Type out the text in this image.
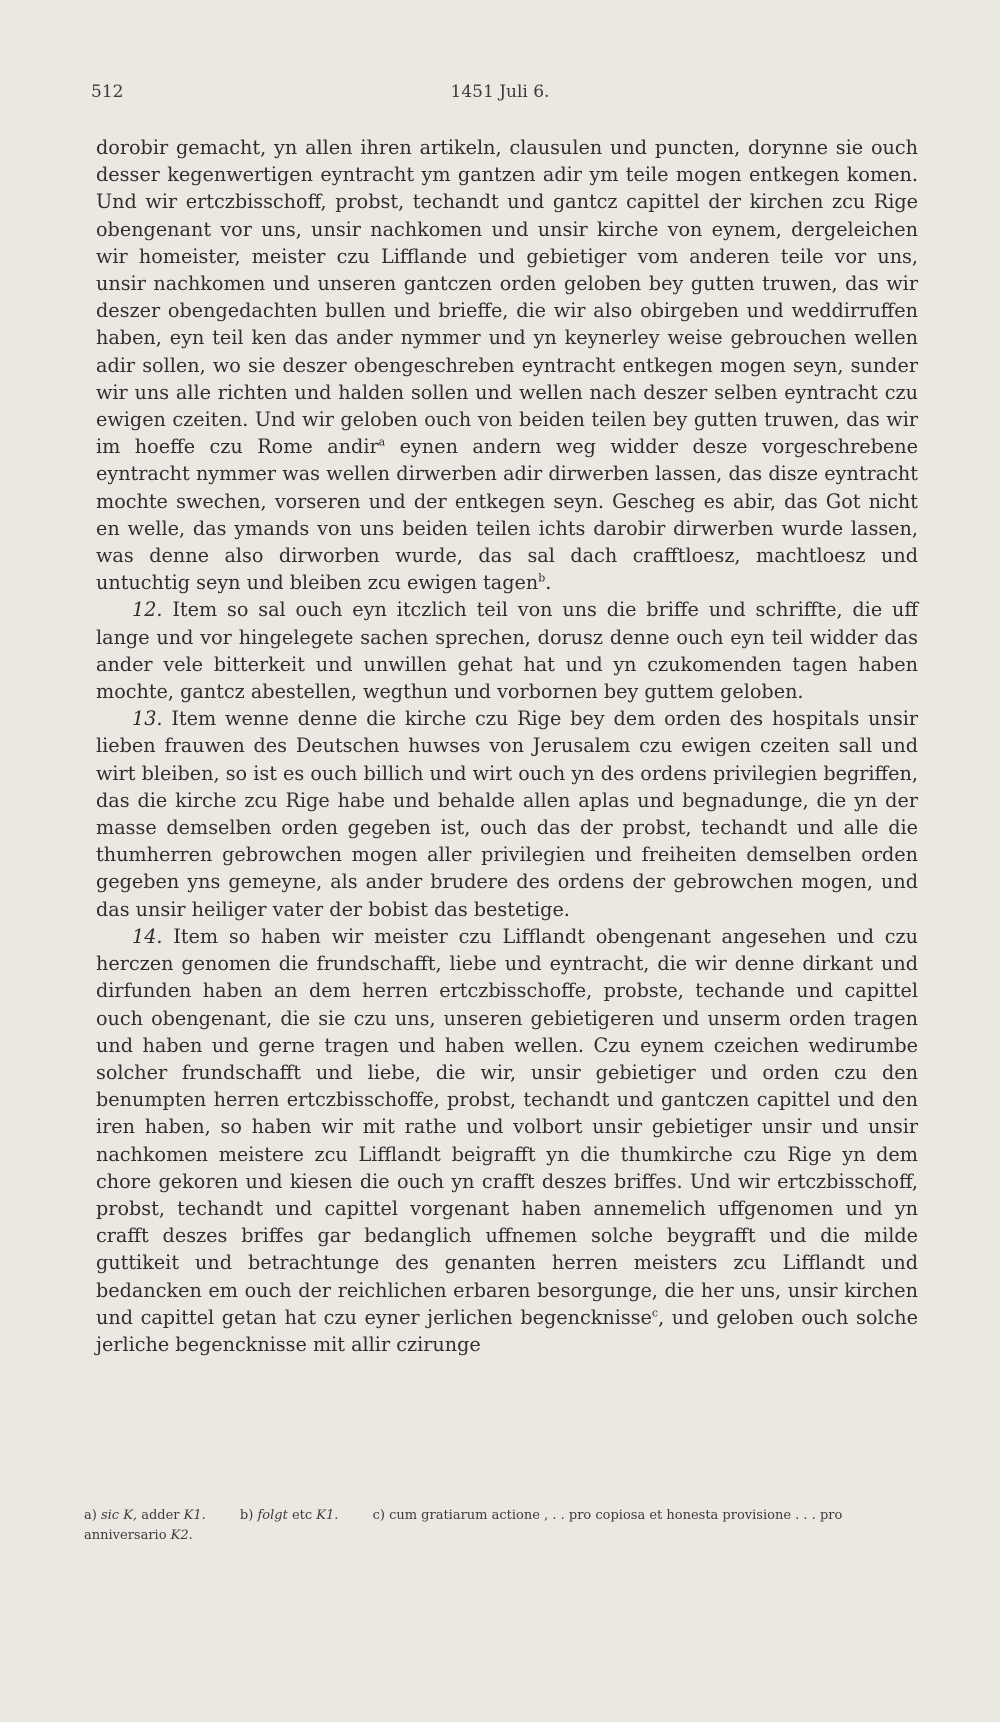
512	1451 Juli 6.

dorobir gemacht, yn allen ihren artikeln, clausulen und puncten, dorynne sie ouch desser kegenwertigen eyntracht ym gantzen adir ym teile mogen entkegen komen. Und wir ertczbisschoff, probst, techandt und gantcz capittel der kirchen zcu Rige obengenant vor uns, unsir nachkomen und unsir kirche von eynem, dergeleichen wir homeister, meister czu Lifflande und gebietiger vom anderen teile vor uns, unsir nachkomen und unseren gantczen orden geloben bey gutten truwen, das wir deszer obengedachten bullen und brieffe, die wir also obirgeben und weddirruffen haben, eyn teil ken das ander nymmer und yn keynerley weise gebrouchen wellen adir sollen, wo sie deszer obengeschreben eyntracht entkegen mogen seyn, sunder wir uns alle richten und halden sollen und wellen nach deszer selben eyntracht czu ewigen czeiten. Und wir geloben ouch von beiden teilen bey gutten truwen, das wir im hoeffe czu Rome andir$^a$ eynen andern weg widder desze vorgeschrebene eyntracht nymmer was wellen dirwerben adir dirwerben lassen, das disze eyntracht mochte swechen, vorseren und der entkegen seyn. Gescheg es abir, das Got nicht en welle, das ymands von uns beiden teilen ichts darobir dirwerben wurde lassen, was denne also dirworben wurde, das sal dach crafftloesz, machtloesz und untuchtig seyn und bleiben zcu ewigen tagen$^b$.

12. Item so sal ouch eyn itczlich teil von uns die briffe und schriffte, die uff lange und vor hingelegete sachen sprechen, dorusz denne ouch eyn teil widder das ander vele bitterkeit und unwillen gehat hat und yn czukomenden tagen haben mochte, gantcz abestellen, wegthun und vorbornen bey guttem geloben.

13. Item wenne denne die kirche czu Rige bey dem orden des hospitals unsir lieben frauwen des Deutschen huwses von Jerusalem czu ewigen czeiten sall und wirt bleiben, so ist es ouch billich und wirt ouch yn des ordens privilegien begriffen, das die kirche zcu Rige habe und behalde allen aplas und begnadunge, die yn der masse demselben orden gegeben ist, ouch das der probst, techandt und alle die thumherren gebrowchen mogen aller privilegien und freiheiten demselben orden gegeben yns gemeyne, als ander brudere des ordens der gebrowchen mogen, und das unsir heiliger vater der bobist das bestetige.

14. Item so haben wir meister czu Lifflandt obengenant angesehen und czu herczen genomen die frundschafft, liebe und eyntracht, die wir denne dirkant und dirfunden haben an dem herren ertczbisschoffe, probste, techande und capittel ouch obengenant, die sie czu uns, unseren gebietigeren und unserm orden tragen und haben und gerne tragen und haben wellen. Czu eynem czeichen wedirumbe solcher frundschafft und liebe, die wir, unsir gebietiger und orden czu den benumpten herren ertczbisschoffe, probst, techandt und gantczen capittel und den iren haben, so haben wir mit rathe und volbort unsir gebietiger unsir und unsir nachkomen meistere zcu Lifflandt beigrafft yn die thumkirche czu Rige yn dem chore gekoren und kiesen die ouch yn crafft deszes briffes. Und wir ertczbisschoff, probst, techandt und capittel vorgenant haben annemelich uffgenomen und yn crafft deszes briffes gar bedanglich uffnemen solche beygrafft und die milde guttikeit und betrachtunge des genanten herren meisters zcu Lifflandt und bedancken em ouch der reichlichen erbaren besorgunge, die her uns, unsir kirchen und capittel getan hat czu eyner jerlichen begencknisse$^c$, und geloben ouch solche jerliche begencknisse mit allir czirunge

a) sic K, adder K1.	b) folgt etc K1.	c) cum gratiarum actione , . . pro copiosa et honesta provisione . . . pro anniversario K2.
